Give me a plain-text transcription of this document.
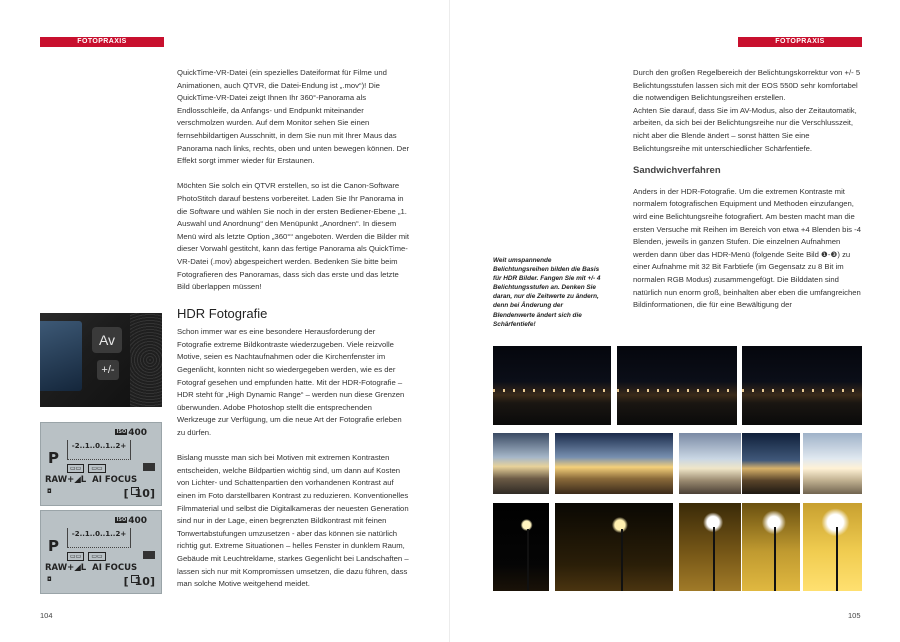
FOTOPRAXIS

QuickTime-VR-Datei (ein spezielles Dateiformat für Filme und Animationen, auch QTVR, die Datei-Endung ist „.mov“)! Die QuickTime-VR-Datei zeigt Ihnen Ihr 360°-Panorama als Endlosschleife, da Anfangs- und Endpunkt miteinander verschmolzen wurden. Auf dem Monitor sehen Sie einen fernsehbildartigen Ausschnitt, in dem Sie nun mit Ihrer Maus das Panorama nach links, rechts, oben und unten bewegen können. Der Effekt sorgt immer wieder für Erstaunen.

Möchten Sie solch ein QTVR erstellen, so ist die Canon-Software PhotoStitch darauf bestens vorbereitet. Laden Sie Ihr Panorama in die Software und wählen Sie noch in der ersten Bediener-Ebene „1. Auswahl und Anordnung“ den Menüpunkt „Anordnen“. In diesem Menü wird als letzte Option „360°“ angeboten. Werden die Bilder mit dieser Vorwahl gestitcht, kann das fertige Panorama als QuickTime-VR-Datei (.mov) abgespeichert werden. Bedenken Sie bitte beim Fotografieren des Panoramas, dass sich das erste und das letzte Bild überlappen müssen!

HDR Fotografie

Schon immer war es eine besondere Herausforderung der Fotografie extreme Bildkontraste wiederzugeben. Viele reizvolle Motive, seien es Nachtaufnahmen oder die Kirchenfenster im Gegenlicht, konnten nicht so wiedergegeben werden, wie es der Fotograf gesehen und empfunden hatte. Mit der HDR-Fotografie – HDR steht für „High Dynamic Range“ – werden nun diese Grenzen überwunden. Adobe Photoshop stellt die entsprechenden Werkzeuge zur Verfügung, um die neue Art der Fotografie erleben zu dürfen.

Bislang musste man sich bei Motiven mit extremen Kontrasten entscheiden, welche Bildpartien wichtig sind, um dann auf Kosten von Lichter- und Schattenpartien den vorhandenen Kontrast auf einen im Foto darstellbaren Kontrast zu reduzieren. Konventionelles Filmmaterial und selbst die Digitalkameras der neuesten Generation sind nur in der Lage, einen begrenzten Bildkontrast mit feinen Tonwertabstufungen umzusetzen - aber das können sie natürlich richtig gut. Extreme Situationen – helles Fenster in dunklem Raum, Gebäude mit Leuchtreklame, starkes Gegenlicht bei Landschaften – lassen sich nur mit Kompromissen umsetzen, die dazu führen, dass man solche Motive weitgehend meidet.

Av
+/-
$^{ISO}$ 400
P
-2..1..0..1..2+
▭▭ ▭▭
RAW+◢L AI FOCUS
◘	[ 10 ]
$^{ISO}$ 400
P
-2..1..0..1..2+
▭▭ ▭▭
RAW+◢L AI FOCUS
◘	[ 10 ]
104
FOTOPRAXIS
105

Durch den großen Regelbereich der Belichtungskorrektur von +/- 5 Belichtungsstufen lassen sich mit der EOS 550D sehr komfortabel die notwendigen Belichtungsreihen erstellen.

Achten Sie darauf, dass Sie im AV-Modus, also der Zeitautomatik, arbeiten, da sich bei der Belichtungsreihe nur die Verschlusszeit, nicht aber die Blende ändert – sonst hätten Sie eine Belichtungsreihe mit unterschiedlicher Schärfentiefe.

Sandwichverfahren

Anders in der HDR-Fotografie. Um die extremen Kontraste mit normalem fotografischen Equipment und Methoden einzufangen, wird eine Belichtungsreihe fotografiert. Am besten macht man die ersten Versuche mit Reihen im Bereich von etwa +4 Blenden bis -4 Blenden, jeweils in ganzen Stufen. Die einzelnen Aufnahmen werden dann über das HDR-Menü (folgende Seite Bild ❶-❸) zu einer Aufnahme mit 32 Bit Farbtiefe (im Gegensatz zu 8 Bit im normalen RGB Modus) zusammengefügt. Die Bilddaten sind natürlich nun enorm groß, beinhalten aber eben die umfangreichen Bildinformationen, die für eine Bewältigung der

Weit umspannende Belichtungsreihen bilden die Basis für HDR Bilder. Fangen Sie mit +/- 4 Belichtungsstufen an. Denken Sie daran, nur die Zeitwerte zu ändern, denn bei Änderung der Blendenwerte ändert sich die Schärfentiefe!
